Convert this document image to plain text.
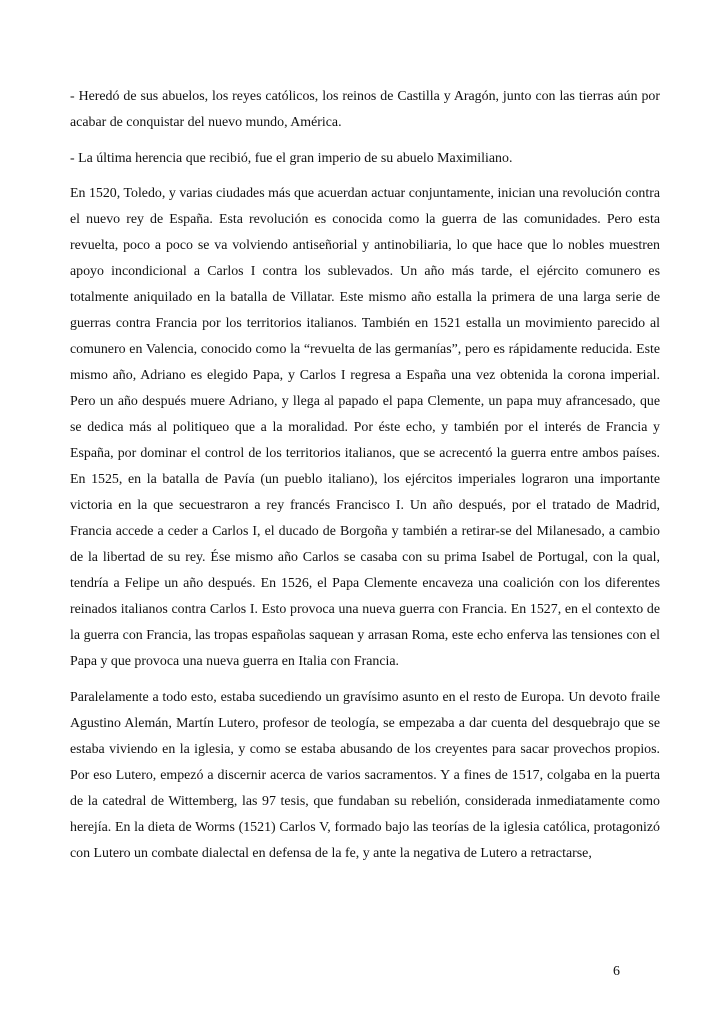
- Heredó de sus abuelos, los reyes católicos, los reinos de Castilla y Aragón, junto con las tierras aún por acabar de conquistar del nuevo mundo, América.

- La última herencia que recibió, fue el gran imperio de su abuelo Maximiliano.

En 1520, Toledo, y varias ciudades más que acuerdan actuar conjuntamente, inician una revolución contra el nuevo rey de España. Esta revolución es conocida como la guerra de las comunidades. Pero esta revuelta, poco a poco se va volviendo antiseñorial y antinobiliaria, lo que hace que lo nobles muestren apoyo incondicional a Carlos I contra los sublevados. Un año más tarde, el ejército comunero es totalmente aniquilado en la batalla de Villatar. Este mismo año estalla la primera de una larga serie de guerras contra Francia por los territorios italianos. También en 1521 estalla un movimiento parecido al comunero en Valencia, conocido como la “revuelta de las germanías”, pero es rápidamente reducida. Este mismo año, Adriano es elegido Papa, y Carlos I regresa a España una vez obtenida la corona imperial. Pero un año después muere Adriano, y llega al papado el papa Clemente, un papa muy afrancesado, que se dedica más al politiqueo que a la moralidad. Por éste echo, y también por el interés de Francia y España, por dominar el control de los territorios italianos, que se acrecentó la guerra entre ambos países. En 1525, en la batalla de Pavía (un pueblo italiano), los ejércitos imperiales lograron una importante victoria en la que secuestraron a rey francés Francisco I. Un año después, por el tratado de Madrid, Francia accede a ceder a Carlos I, el ducado de Borgoña y también a retirar-se del Milanesado, a cambio de la libertad de su rey. Ése mismo año Carlos se casaba con su prima Isabel de Portugal, con la qual, tendría a Felipe un año después. En 1526, el Papa Clemente encaveza una coalición con los diferentes reinados italianos contra Carlos I. Esto provoca una nueva guerra con Francia. En 1527, en el contexto de la guerra con Francia, las tropas españolas saquean y arrasan Roma, este echo enferva las tensiones con el Papa y que provoca una nueva guerra en Italia con Francia.

Paralelamente a todo esto, estaba sucediendo un gravísimo asunto en el resto de Europa. Un devoto fraile Agustino Alemán, Martín Lutero, profesor de teología, se empezaba a dar cuenta del desquebrajo que se estaba viviendo en la iglesia, y como se estaba abusando de los creyentes para sacar provechos propios. Por eso Lutero, empezó a discernir acerca de varios sacramentos. Y a fines de 1517, colgaba en la puerta de la catedral de Wittemberg, las 97 tesis, que fundaban su rebelión, considerada inmediatamente como herejía. En la dieta de Worms (1521) Carlos V, formado bajo las teorías de la iglesia católica, protagonizó con Lutero un combate dialectal en defensa de la fe, y ante la negativa de Lutero a retractarse,

6
